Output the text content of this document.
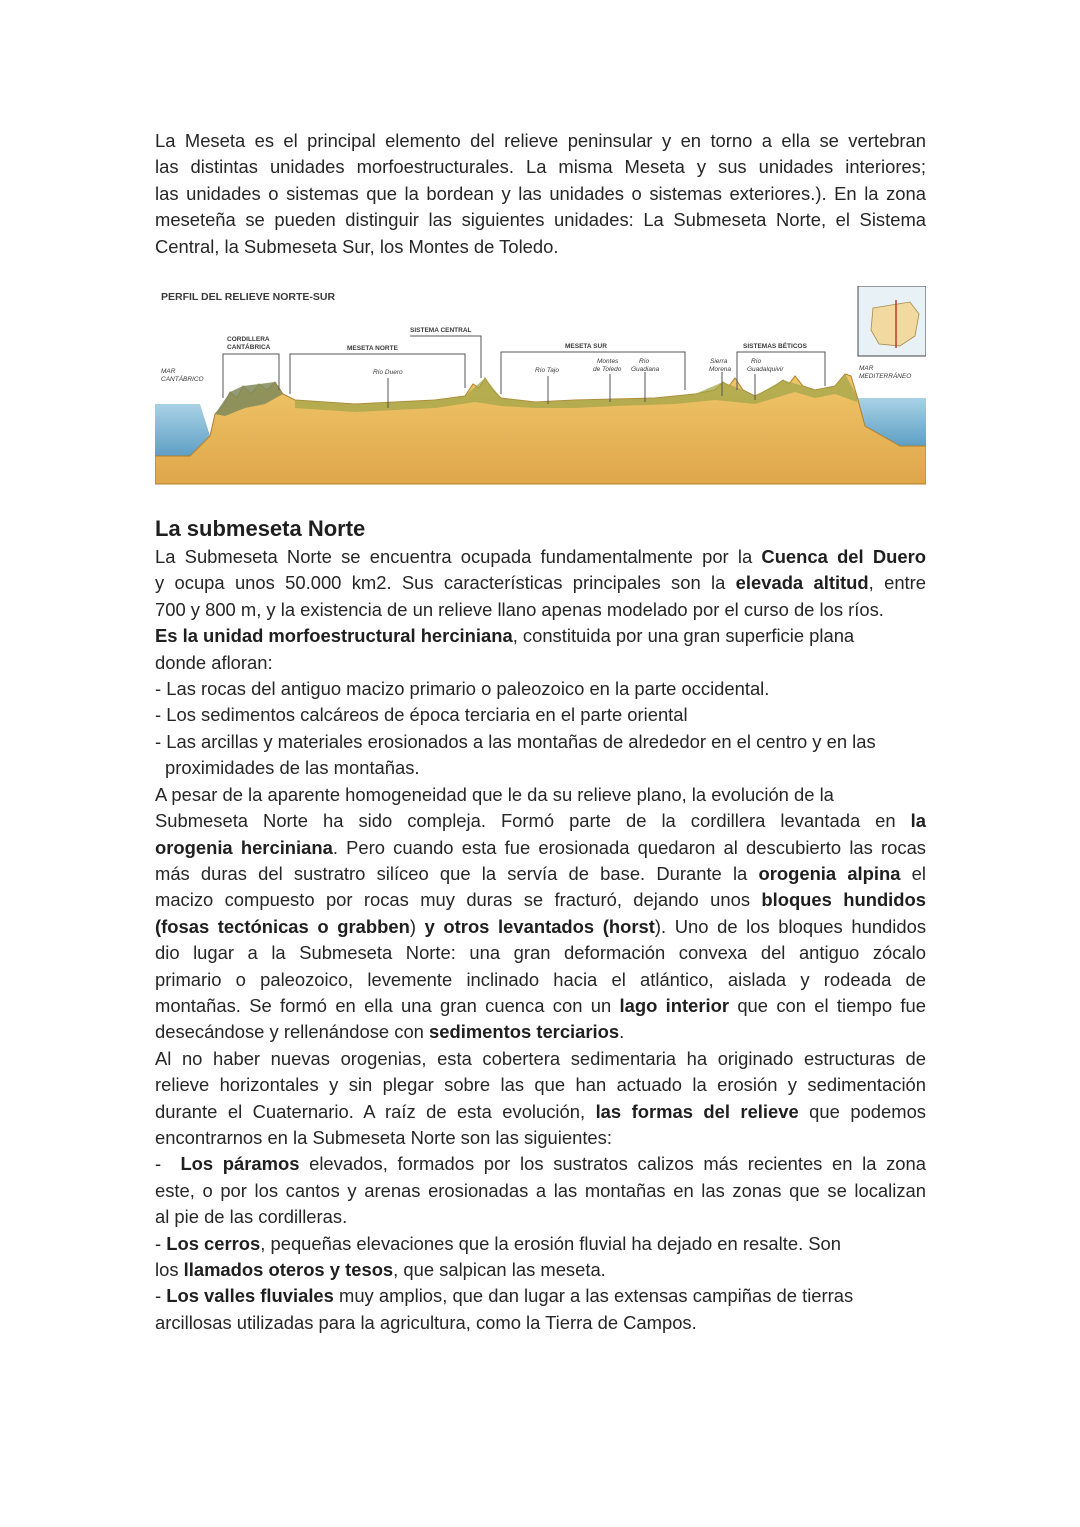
La Meseta es el principal elemento del relieve peninsular y en torno a ella se vertebran

las distintas unidades morfoestructurales. La misma Meseta y sus unidades interiores;

las unidades o sistemas que la bordean y las unidades o sistemas exteriores.). En la zona

meseteña se pueden distinguir las siguientes unidades: La Submeseta Norte, el Sistema

Central, la Submeseta Sur, los Montes de Toledo.

PERFIL DEL RELIEVE NORTE-SUR
MAR
CANTÁBRICO
CORDILLERA
CANTÁBRICA	MESETA NORTE
SISTEMA CENTRAL
Río Duero
MESETA SUR
Río Tajo
Montes
de Toledo
Río
Guadiana
Sierra
Morena
SISTEMAS BÉTICOS
Río
Guadalquivir	MAR
MEDITERRÁNEO
La submeseta Norte

La Submeseta Norte se encuentra ocupada fundamentalmente por la Cuenca del Duero

y ocupa unos 50.000 km2. Sus características principales son la elevada altitud, entre

700 y 800 m, y la existencia de un relieve llano apenas modelado por el curso de los ríos.

Es la unidad morfoestructural herciniana, constituida por una gran superficie plana

donde afloran:

- Las rocas del antiguo macizo primario o paleozoico en la parte occidental.

- Los sedimentos calcáreos de época terciaria en el parte oriental

- Las arcillas y materiales erosionados a las montañas de alrededor en el centro y en las

proximidades de las montañas.

A pesar de la aparente homogeneidad que le da su relieve plano, la evolución de la

Submeseta Norte ha sido compleja. Formó parte de la cordillera levantada en la

orogenia herciniana. Pero cuando esta fue erosionada quedaron al descubierto las rocas

más duras del sustratro silíceo que la servía de base. Durante la orogenia alpina el

macizo compuesto por rocas muy duras se fracturó, dejando unos bloques hundidos

(fosas tectónicas o grabben) y otros levantados (horst). Uno de los bloques hundidos

dio lugar a la Submeseta Norte: una gran deformación convexa del antiguo zócalo

primario o paleozoico, levemente inclinado hacia el atlántico, aislada y rodeada de

montañas. Se formó en ella una gran cuenca con un lago interior que con el tiempo fue

desecándose y rellenándose con sedimentos terciarios.

Al no haber nuevas orogenias, esta cobertera sedimentaria ha originado estructuras de

relieve horizontales y sin plegar sobre las que han actuado la erosión y sedimentación

durante el Cuaternario. A raíz de esta evolución, las formas del relieve que podemos

encontrarnos en la Submeseta Norte son las siguientes:

-  Los páramos elevados, formados por los sustratos calizos más recientes en la zona

este, o por los cantos y arenas erosionadas a las montañas en las zonas que se localizan

al pie de las cordilleras.

- Los cerros, pequeñas elevaciones que la erosión fluvial ha dejado en resalte. Son

los llamados oteros y tesos, que salpican las meseta.

- Los valles fluviales muy amplios, que dan lugar a las extensas campiñas de tierras

arcillosas utilizadas para la agricultura, como la Tierra de Campos.
